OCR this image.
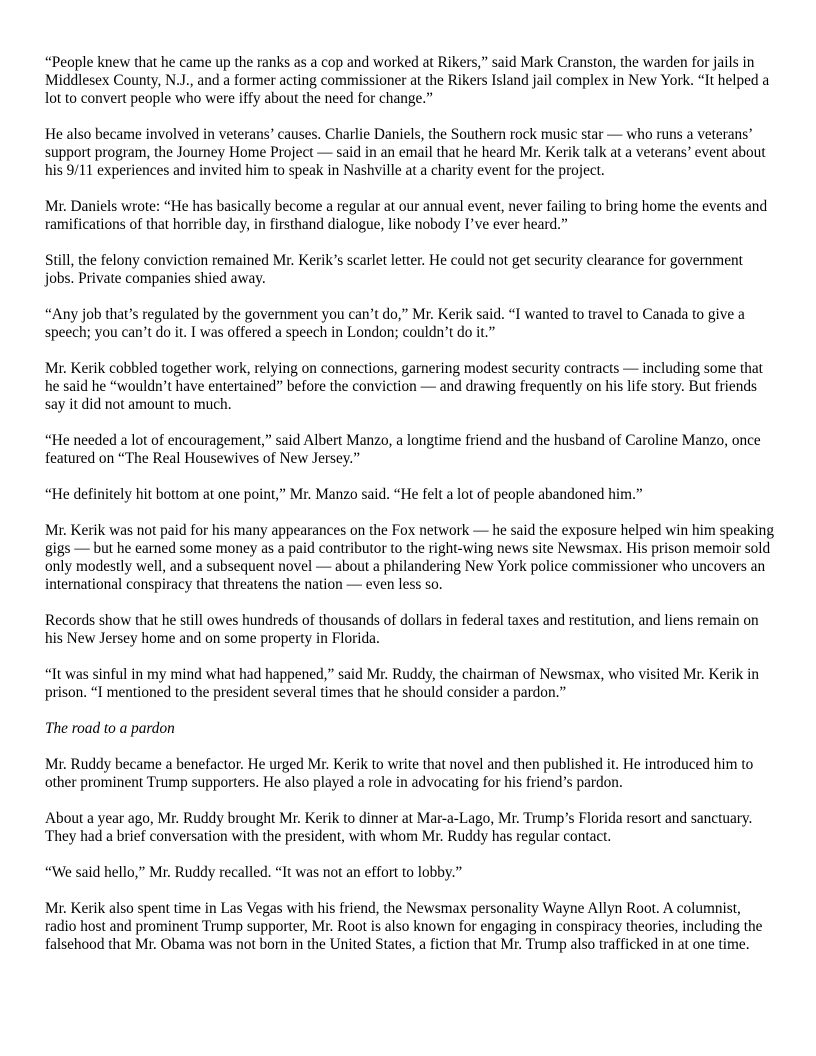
“People knew that he came up the ranks as a cop and worked at Rikers,” said Mark Cranston, the warden for jails in Middlesex County, N.J., and a former acting commissioner at the Rikers Island jail complex in New York. “It helped a lot to convert people who were iffy about the need for change.”

He also became involved in veterans’ causes. Charlie Daniels, the Southern rock music star — who runs a veterans’ support program, the Journey Home Project — said in an email that he heard Mr. Kerik talk at a veterans’ event about his 9/11 experiences and invited him to speak in Nashville at a charity event for the project.

Mr. Daniels wrote: “He has basically become a regular at our annual event, never failing to bring home the events and ramifications of that horrible day, in firsthand dialogue, like nobody I’ve ever heard.”

Still, the felony conviction remained Mr. Kerik’s scarlet letter. He could not get security clearance for government jobs. Private companies shied away.

“Any job that’s regulated by the government you can’t do,” Mr. Kerik said. “I wanted to travel to Canada to give a speech; you can’t do it. I was offered a speech in London; couldn’t do it.”

Mr. Kerik cobbled together work, relying on connections, garnering modest security contracts — including some that he said he “wouldn’t have entertained” before the conviction — and drawing frequently on his life story. But friends say it did not amount to much.

“He needed a lot of encouragement,” said Albert Manzo, a longtime friend and the husband of Caroline Manzo, once featured on “The Real Housewives of New Jersey.”

“He definitely hit bottom at one point,” Mr. Manzo said. “He felt a lot of people abandoned him.”

Mr. Kerik was not paid for his many appearances on the Fox network — he said the exposure helped win him speaking gigs — but he earned some money as a paid contributor to the right-wing news site Newsmax. His prison memoir sold only modestly well, and a subsequent novel — about a philandering New York police commissioner who uncovers an international conspiracy that threatens the nation — even less so.

Records show that he still owes hundreds of thousands of dollars in federal taxes and restitution, and liens remain on his New Jersey home and on some property in Florida.

“It was sinful in my mind what had happened,” said Mr. Ruddy, the chairman of Newsmax, who visited Mr. Kerik in prison. “I mentioned to the president several times that he should consider a pardon.”

The road to a pardon

Mr. Ruddy became a benefactor. He urged Mr. Kerik to write that novel and then published it. He introduced him to other prominent Trump supporters. He also played a role in advocating for his friend’s pardon.

About a year ago, Mr. Ruddy brought Mr. Kerik to dinner at Mar-a-Lago, Mr. Trump’s Florida resort and sanctuary. They had a brief conversation with the president, with whom Mr. Ruddy has regular contact.

“We said hello,” Mr. Ruddy recalled. “It was not an effort to lobby.”

Mr. Kerik also spent time in Las Vegas with his friend, the Newsmax personality Wayne Allyn Root. A columnist, radio host and prominent Trump supporter, Mr. Root is also known for engaging in conspiracy theories, including the falsehood that Mr. Obama was not born in the United States, a fiction that Mr. Trump also trafficked in at one time.
